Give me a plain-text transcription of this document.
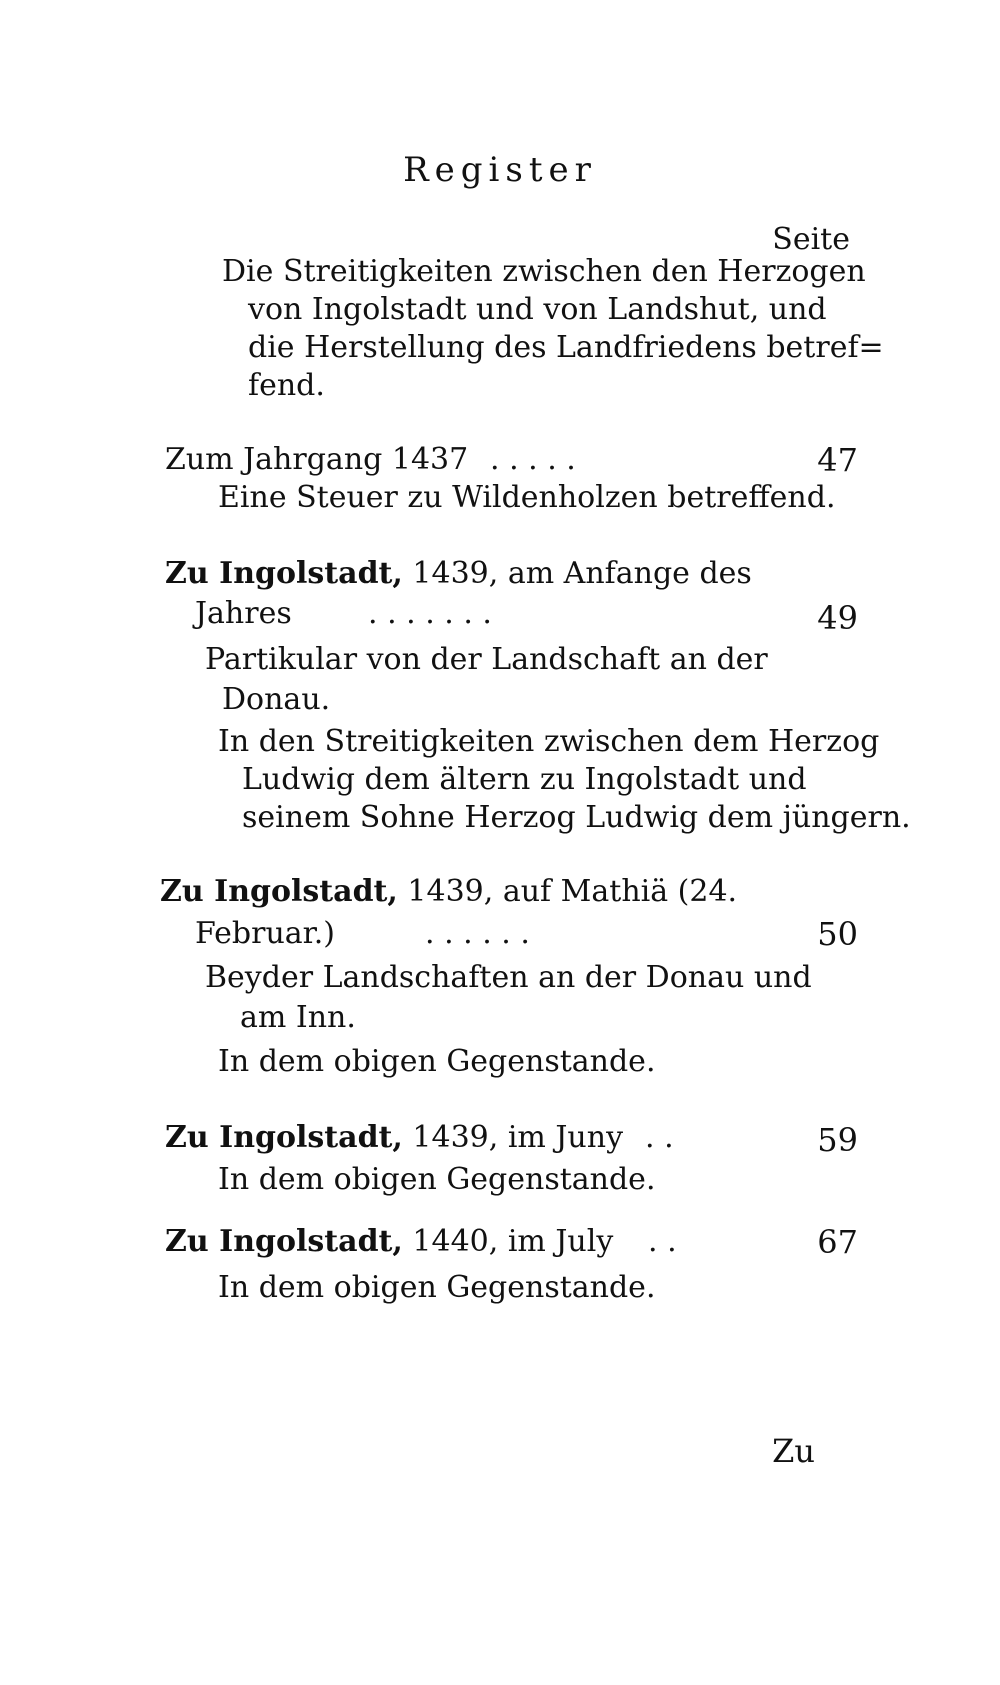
Register
Seite
Die Streitigkeiten zwischen den Herzogen
von Ingolstadt und von Landshut, und
die Herstellung des Landfriedens betref=
fend.
Zum Jahrgang 1437 . . . . .	47
Eine Steuer zu Wildenholzen betreffend.
Zu Ingolstadt, 1439, am Anfange des
Jahres	. . . . . . .	49
Partikular von der Landschaft an der
Donau.
In den Streitigkeiten zwischen dem Herzog
Ludwig dem ältern zu Ingolstadt und
seinem Sohne Herzog Ludwig dem jüngern.
Zu Ingolstadt, 1439, auf Mathiä (24.
Februar.)	. . . . . .	50
Beyder Landschaften an der Donau und
am Inn.
In dem obigen Gegenstande.
Zu Ingolstadt, 1439, im Juny . .	59
In dem obigen Gegenstande.
Zu Ingolstadt, 1440, im July . .	67
In dem obigen Gegenstande.
Zu
